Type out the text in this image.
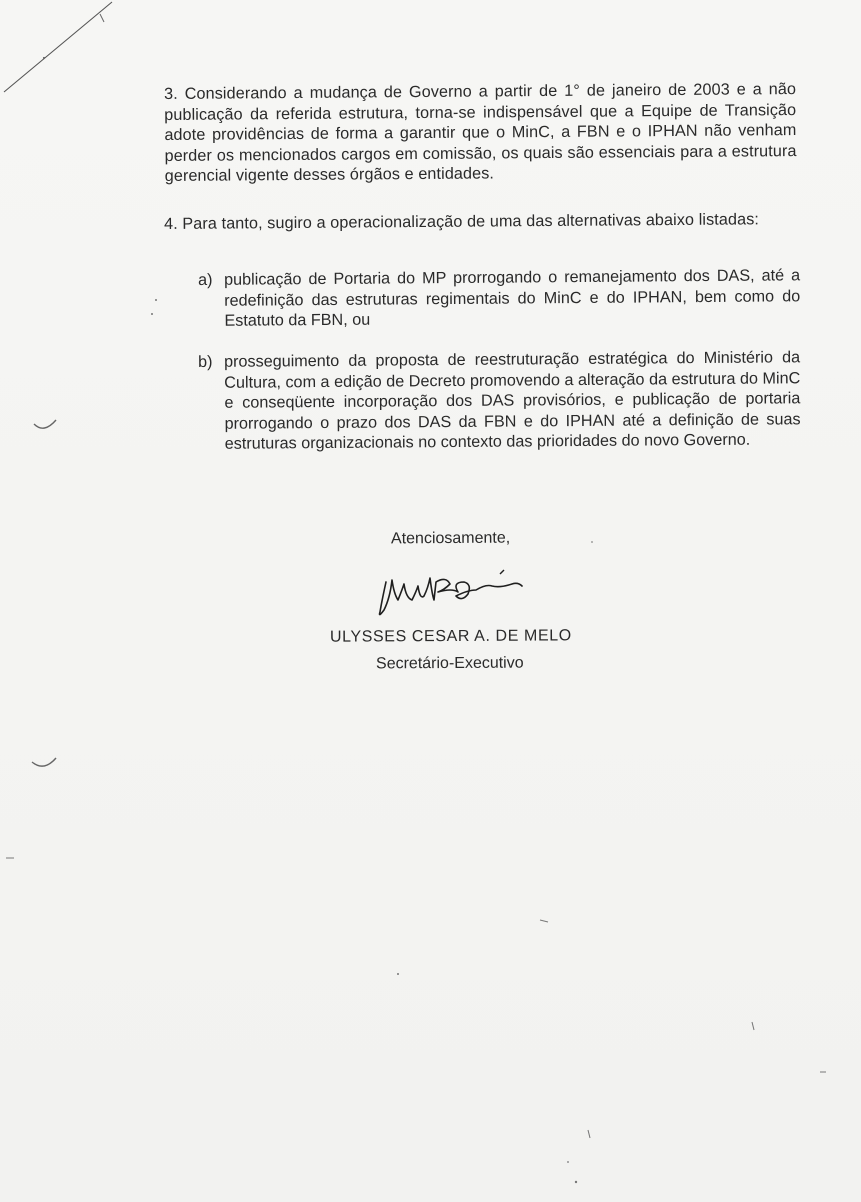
3. Considerando a mudança de Governo a partir de 1° de janeiro de 2003 e a não publicação da referida estrutura, torna-se indispensável que a Equipe de Transição adote providências de forma a garantir que o MinC, a FBN e o IPHAN não venham perder os mencionados cargos em comissão, os quais são essenciais para a estrutura gerencial vigente desses órgãos e entidades.

4. Para tanto, sugiro a operacionalização de uma das alternativas abaixo listadas:

a) publicação de Portaria do MP prorrogando o remanejamento dos DAS, até a redefinição das estruturas regimentais do MinC e do IPHAN, bem como do Estatuto da FBN, ou
b) prosseguimento da proposta de reestruturação estratégica do Ministério da Cultura, com a edição de Decreto promovendo a alteração da estrutura do MinC e conseqüente incorporação dos DAS provisórios, e publicação de portaria prorrogando o prazo dos DAS da FBN e do IPHAN até a definição de suas estruturas organizacionais no contexto das prioridades do novo Governo.
Atenciosamente,
ULYSSES CESAR A. DE MELO
Secretário-Executivo
